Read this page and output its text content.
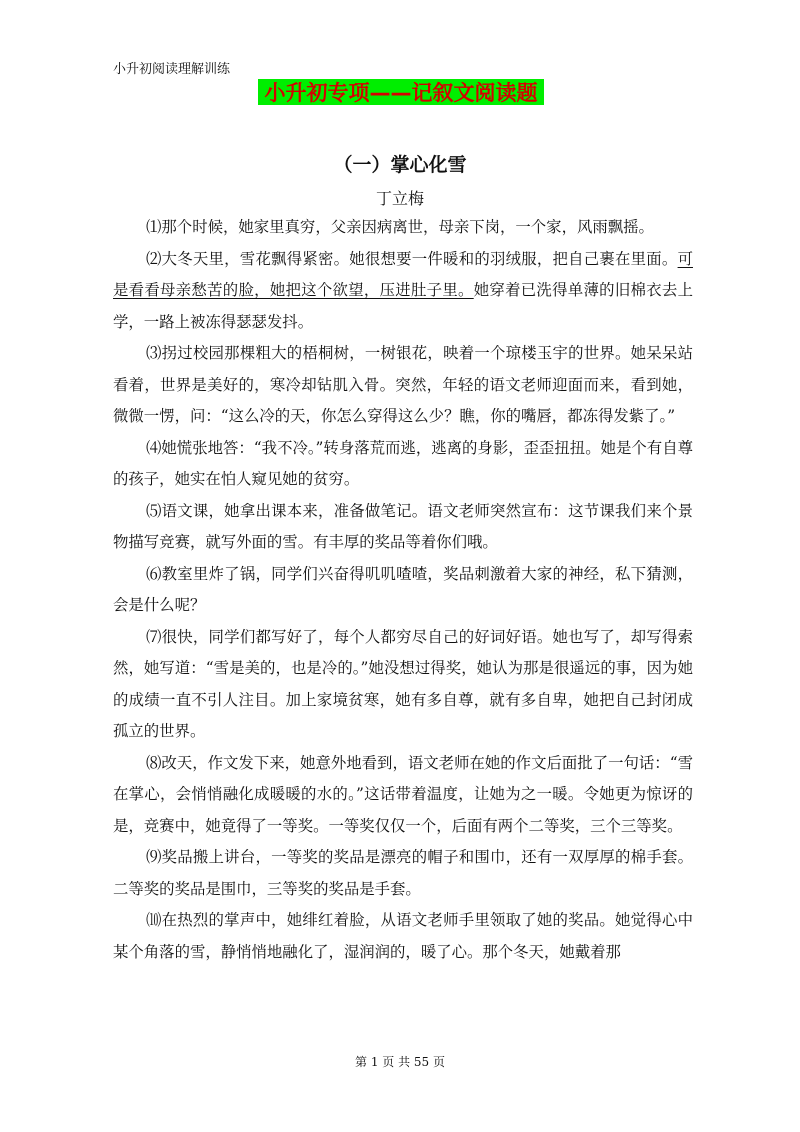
小升初阅读理解训练
小升初专项——记叙文阅读题
（一）掌心化雪
丁立梅

⑴那个时候，她家里真穷，父亲因病离世，母亲下岗，一个家，风雨飘摇。

⑵大冬天里，雪花飘得紧密。她很想要一件暖和的羽绒服，把自己裹在里面。可是看看母亲愁苦的脸，她把这个欲望，压进肚子里。她穿着已洗得单薄的旧棉衣去上学，一路上被冻得瑟瑟发抖。

⑶拐过校园那棵粗大的梧桐树，一树银花，映着一个琼楼玉宇的世界。她呆呆站看着，世界是美好的，寒冷却钻肌入骨。突然，年轻的语文老师迎面而来，看到她，微微一愣，问：“这么冷的天，你怎么穿得这么少？瞧，你的嘴唇，都冻得发紫了。”

⑷她慌张地答：“我不冷。”转身落荒而逃，逃离的身影，歪歪扭扭。她是个有自尊的孩子，她实在怕人窥见她的贫穷。

⑸语文课，她拿出课本来，准备做笔记。语文老师突然宣布：这节课我们来个景物描写竞赛，就写外面的雪。有丰厚的奖品等着你们哦。

⑹教室里炸了锅，同学们兴奋得叽叽喳喳，奖品刺激着大家的神经，私下猜测，会是什么呢？

⑺很快，同学们都写好了，每个人都穷尽自己的好词好语。她也写了，却写得索然，她写道：“雪是美的，也是冷的。”她没想过得奖，她认为那是很遥远的事，因为她的成绩一直不引人注目。加上家境贫寒，她有多自尊，就有多自卑，她把自己封闭成孤立的世界。

⑻改天，作文发下来，她意外地看到，语文老师在她的作文后面批了一句话：“雪在掌心，会悄悄融化成暖暖的水的。”这话带着温度，让她为之一暖。令她更为惊讶的是，竞赛中，她竟得了一等奖。一等奖仅仅一个，后面有两个二等奖，三个三等奖。

⑼奖品搬上讲台，一等奖的奖品是漂亮的帽子和围巾，还有一双厚厚的棉手套。二等奖的奖品是围巾，三等奖的奖品是手套。

⑽在热烈的掌声中，她绯红着脸，从语文老师手里领取了她的奖品。她觉得心中某个角落的雪，静悄悄地融化了，湿润润的，暖了心。那个冬天，她戴着那

第 1 页 共 55 页
